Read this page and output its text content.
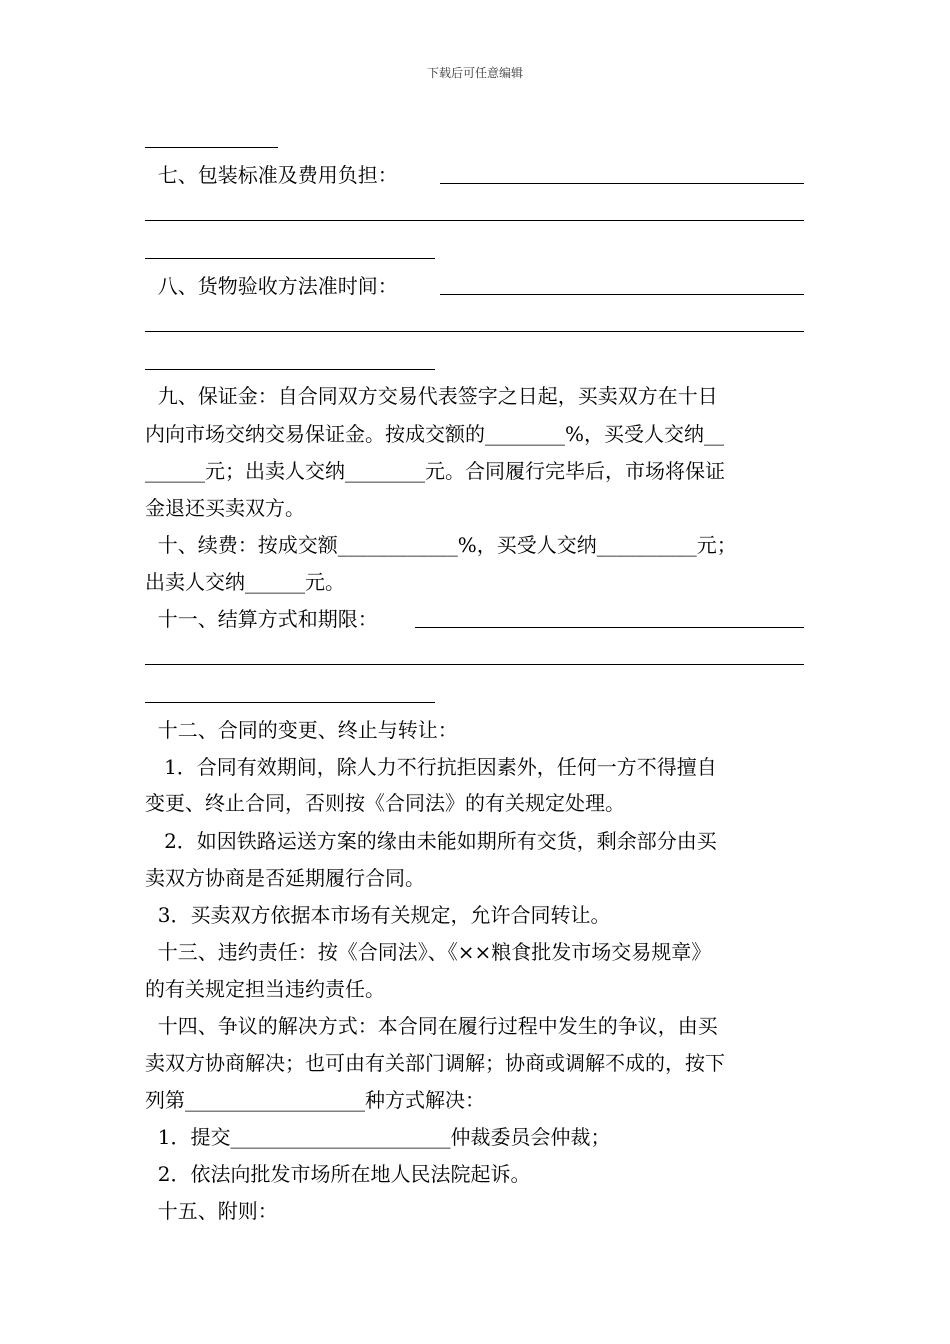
下载后可任意编辑
七、包装标准及费用负担：
八、货物验收方法准时间：
九、保证金：自合同双方交易代表签字之日起，买卖双方在十日
内向市场交纳交易保证金。按成交额的________%，买受人交纳__
______元；出卖人交纳________元。合同履行完毕后，市场将保证
金退还买卖双方。
十、续费：按成交额____________%，买受人交纳__________元；
出卖人交纳______元。
十一、结算方式和期限：
十二、合同的变更、终止与转让：
1．合同有效期间，除人力不行抗拒因素外，任何一方不得擅自
变更、终止合同，否则按《合同法》的有关规定处理。
2．如因铁路运送方案的缘由未能如期所有交货，剩余部分由买
卖双方协商是否延期履行合同。
3．买卖双方依据本市场有关规定，允许合同转让。
十三、违约责任：按《合同法》、《××粮食批发市场交易规章》
的有关规定担当违约责任。
十四、争议的解决方式：本合同在履行过程中发生的争议，由买
卖双方协商解决；也可由有关部门调解；协商或调解不成的，按下
列第__________________种方式解决：
1．提交______________________仲裁委员会仲裁；
2．依法向批发市场所在地人民法院起诉。
十五、附则：
